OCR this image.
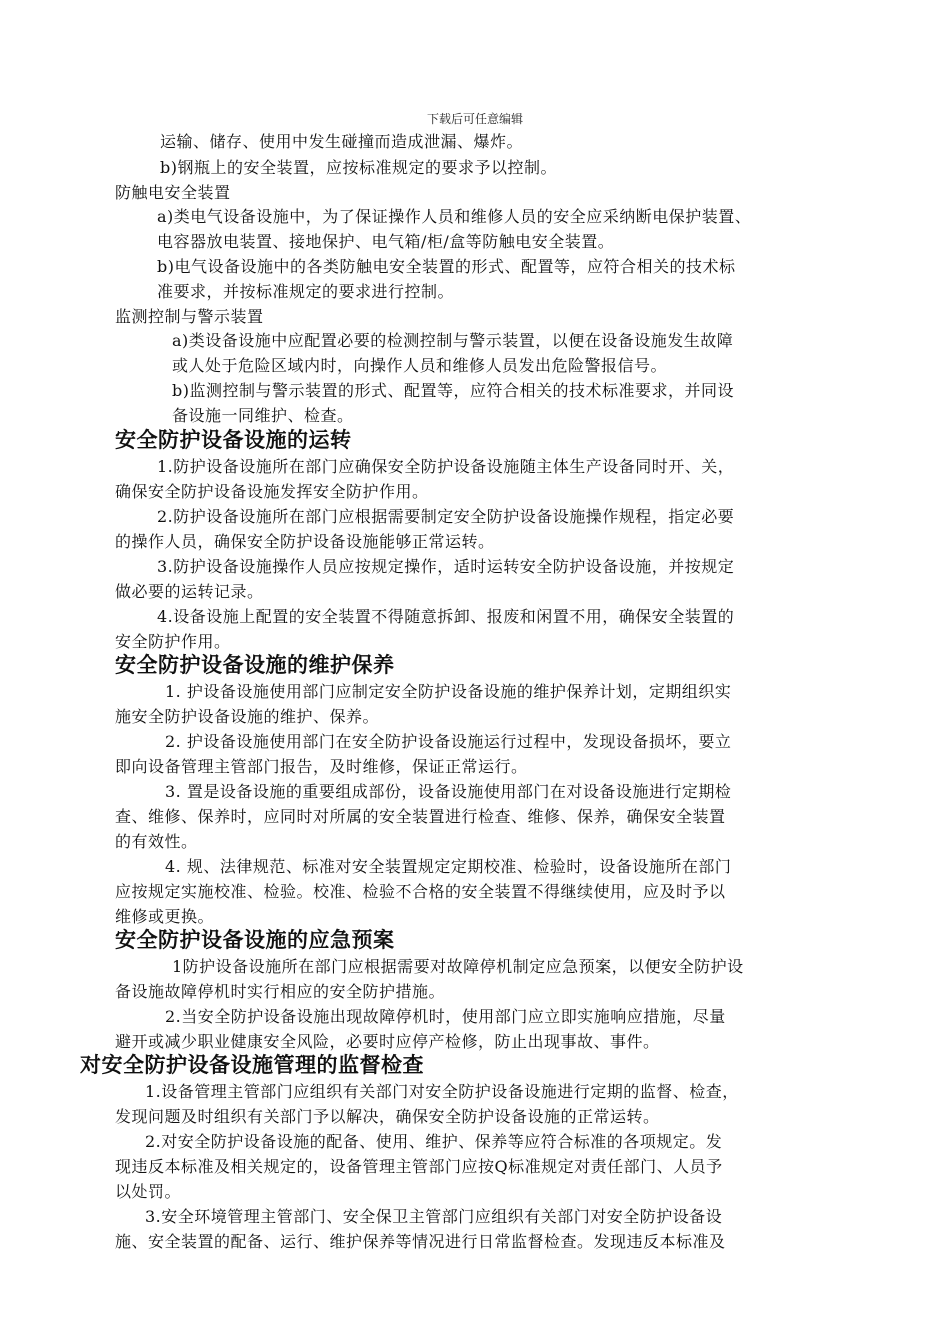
下载后可任意编辑
运输、储存、使用中发生碰撞而造成泄漏、爆炸。
b)钢瓶上的安全装置，应按标准规定的要求予以控制。
防触电安全装置
a)类电气设备设施中，为了保证操作人员和维修人员的安全应采纳断电保护装置、
电容器放电装置、接地保护、电气箱/柜/盒等防触电安全装置。
b)电气设备设施中的各类防触电安全装置的形式、配置等，应符合相关的技术标
准要求，并按标准规定的要求进行控制。
监测控制与警示装置
a)类设备设施中应配置必要的检测控制与警示装置，以便在设备设施发生故障
或人处于危险区域内时，向操作人员和维修人员发出危险警报信号。
b)监测控制与警示装置的形式、配置等，应符合相关的技术标准要求，并同设
备设施一同维护、检查。
安全防护设备设施的运转
1.防护设备设施所在部门应确保安全防护设备设施随主体生产设备同时开、关，
确保安全防护设备设施发挥安全防护作用。
2.防护设备设施所在部门应根据需要制定安全防护设备设施操作规程，指定必要
的操作人员，确保安全防护设备设施能够正常运转。
3.防护设备设施操作人员应按规定操作，适时运转安全防护设备设施，并按规定
做必要的运转记录。
4.设备设施上配置的安全装置不得随意拆卸、报废和闲置不用，确保安全装置的
安全防护作用。
安全防护设备设施的维护保养
1. 护设备设施使用部门应制定安全防护设备设施的维护保养计划，定期组织实
施安全防护设备设施的维护、保养。
2. 护设备设施使用部门在安全防护设备设施运行过程中，发现设备损坏，要立
即向设备管理主管部门报告，及时维修，保证正常运行。
3. 置是设备设施的重要组成部份，设备设施使用部门在对设备设施进行定期检
查、维修、保养时，应同时对所属的安全装置进行检查、维修、保养，确保安全装置
的有效性。
4. 规、法律规范、标准对安全装置规定定期校准、检验时，设备设施所在部门
应按规定实施校准、检验。校准、检验不合格的安全装置不得继续使用，应及时予以
维修或更换。
安全防护设备设施的应急预案
1防护设备设施所在部门应根据需要对故障停机制定应急预案，以便安全防护设
备设施故障停机时实行相应的安全防护措施。
2.当安全防护设备设施出现故障停机时，使用部门应立即实施响应措施，尽量
避开或减少职业健康安全风险，必要时应停产检修，防止出现事故、事件。
对安全防护设备设施管理的监督检查
1.设备管理主管部门应组织有关部门对安全防护设备设施进行定期的监督、检查，
发现问题及时组织有关部门予以解决，确保安全防护设备设施的正常运转。
2.对安全防护设备设施的配备、使用、维护、保养等应符合标准的各项规定。发
现违反本标准及相关规定的，设备管理主管部门应按Q标准规定对责任部门、人员予
以处罚。
3.安全环境管理主管部门、安全保卫主管部门应组织有关部门对安全防护设备设
施、安全装置的配备、运行、维护保养等情况进行日常监督检查。发现违反本标准及
